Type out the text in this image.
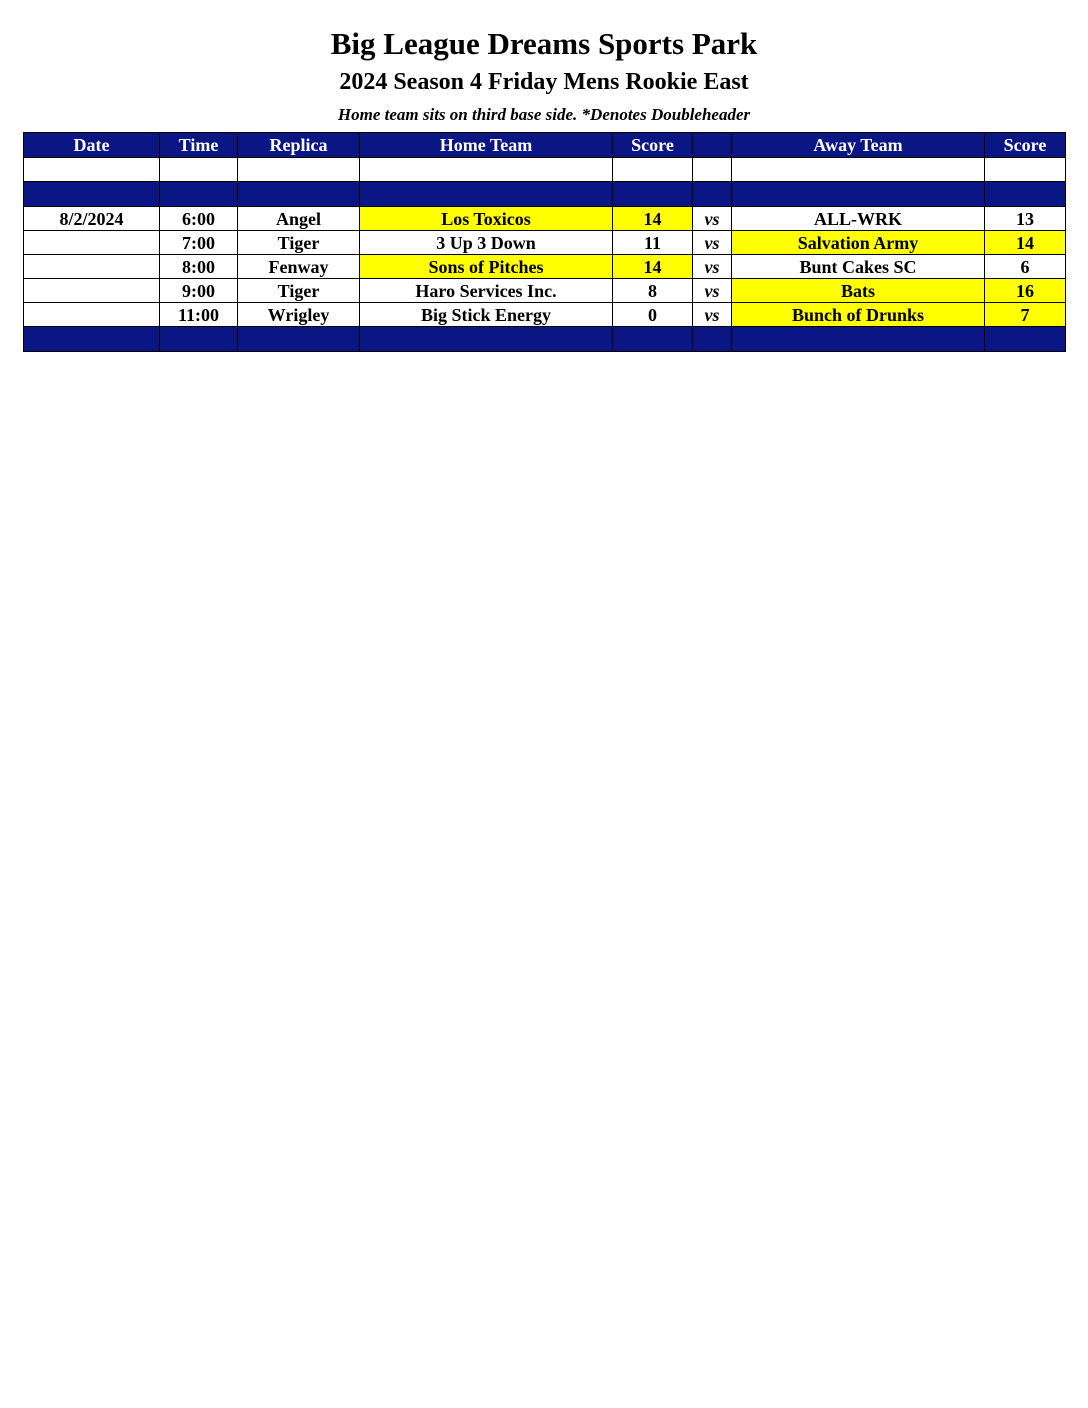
Big League Dreams Sports Park
2024 Season 4 Friday Mens Rookie East
Home team sits on third base side. *Denotes Doubleheader
Date	Time	Replica	Home Team	Score		Away Team	Score

8/2/2024	6:00	Angel	Los Toxicos	14	vs	ALL-WRK	13
	7:00	Tiger	3 Up 3 Down	11	vs	Salvation Army	14
	8:00	Fenway	Sons of Pitches	14	vs	Bunt Cakes SC	6
	9:00	Tiger	Haro Services Inc.	8	vs	Bats	16
	11:00	Wrigley	Big Stick Energy	0	vs	Bunch of Drunks	7
